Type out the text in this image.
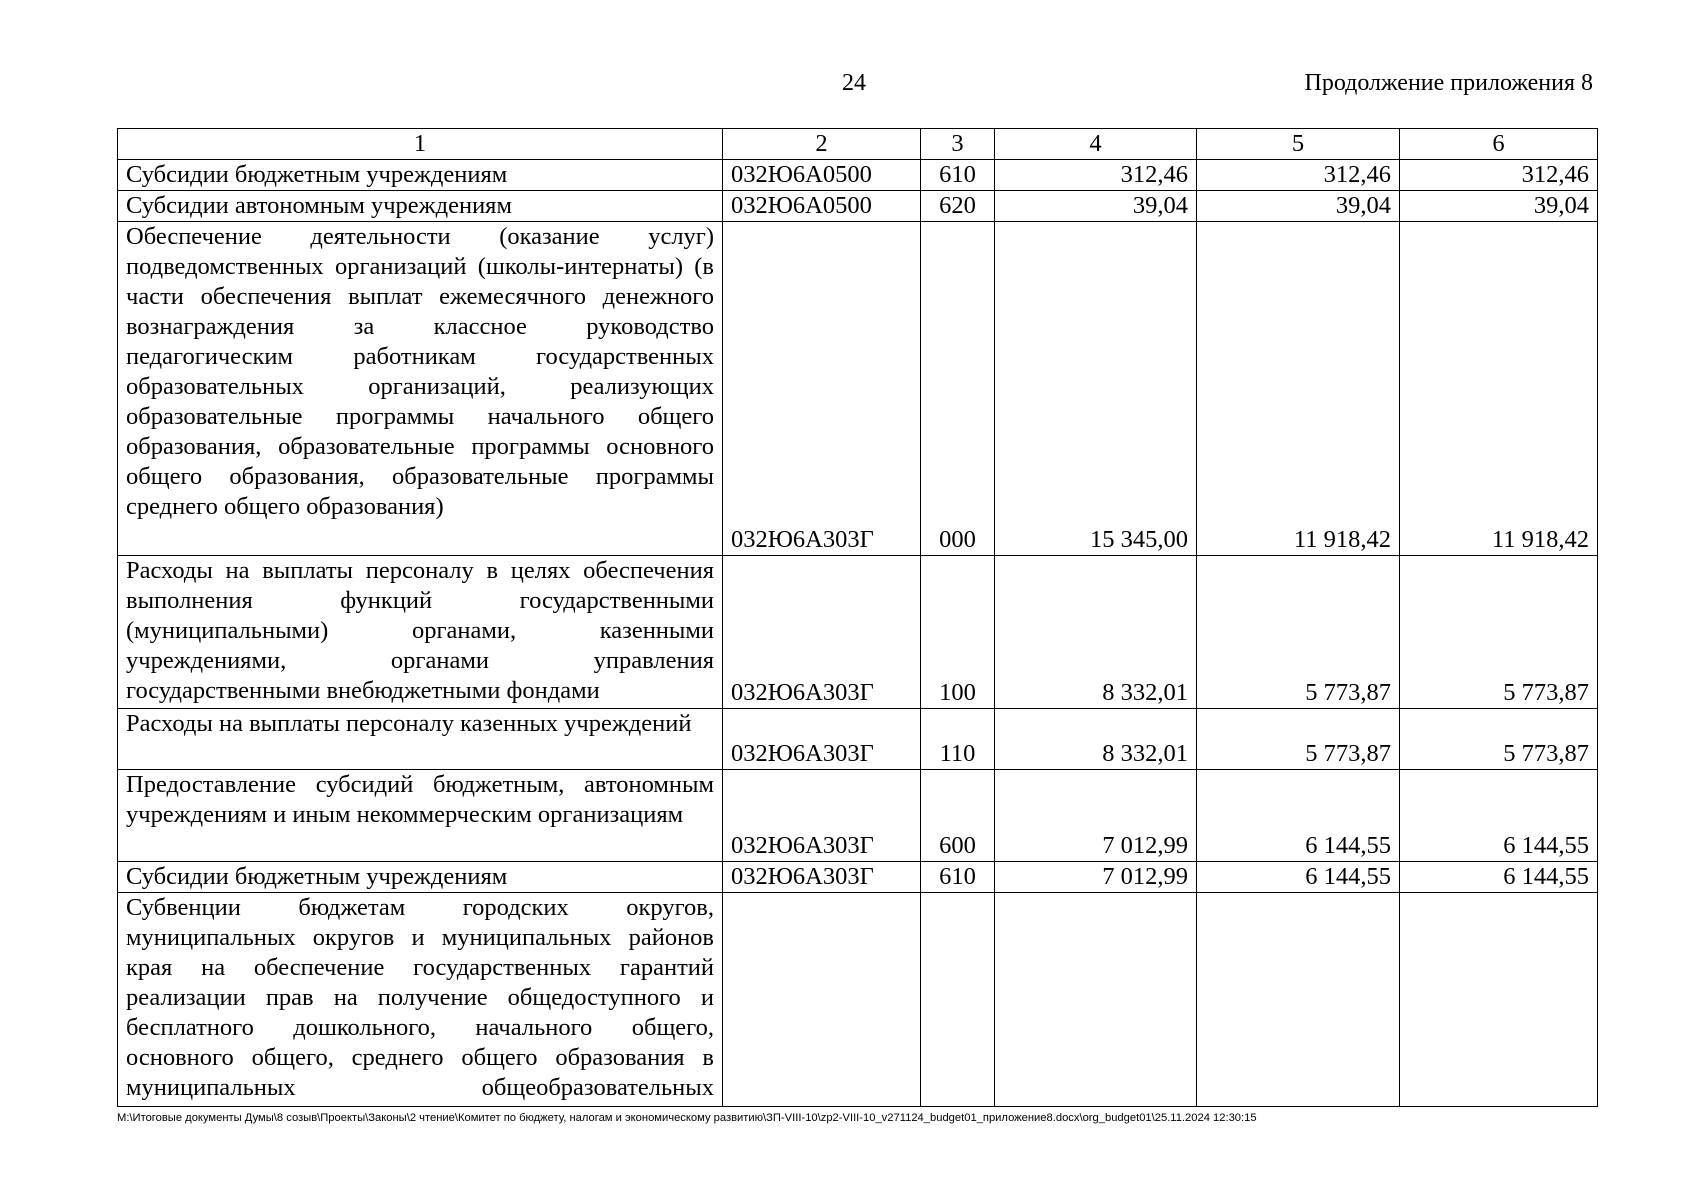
24	Продолжение приложения 8
1	2	3	4	5	6
Субсидии бюджетным учреждениям	032Ю6А0500	610	312,46	312,46	312,46
Субсидии автономным учреждениям	032Ю6А0500	620	39,04	39,04	39,04
Обеспечение деятельности (оказание услуг) подведомственных организаций (школы-интернаты) (в части обеспечения выплат ежемесячного денежного вознаграждения за классное руководство педагогическим работникам государственных образовательных организаций, реализующих образовательные программы начального общего образования, образовательные программы основного общего образования, образовательные программы среднего общего образования)	032Ю6А303Г	000	15 345,00	11 918,42	11 918,42
Расходы на выплаты персоналу в целях обеспечения выполнения функций государственными (муниципальными) органами, казенными учреждениями, органами управления государственными внебюджетными фондами	032Ю6А303Г	100	8 332,01	5 773,87	5 773,87
Расходы на выплаты персоналу казенных учреждений	032Ю6А303Г	110	8 332,01	5 773,87	5 773,87
Предоставление субсидий бюджетным, автономным учреждениям и иным некоммерческим организациям	032Ю6А303Г	600	7 012,99	6 144,55	6 144,55
Субсидии бюджетным учреждениям	032Ю6А303Г	610	7 012,99	6 144,55	6 144,55
Субвенции бюджетам городских округов, муниципальных округов и муниципальных районов края на обеспечение государственных гарантий реализации прав на получение общедоступного и бесплатного дошкольного, начального общего, основного общего, среднего общего образования в муниципальных общеобразовательных					
M:\Итоговые документы Думы\8 созыв\Проекты\Законы\2 чтение\Комитет по бюджету, налогам и экономическому развитию\ЗП-VIII-10\zp2-VIII-10_v271124_budget01_приложение8.docx\org_budget01\25.11.2024 12:30:15
